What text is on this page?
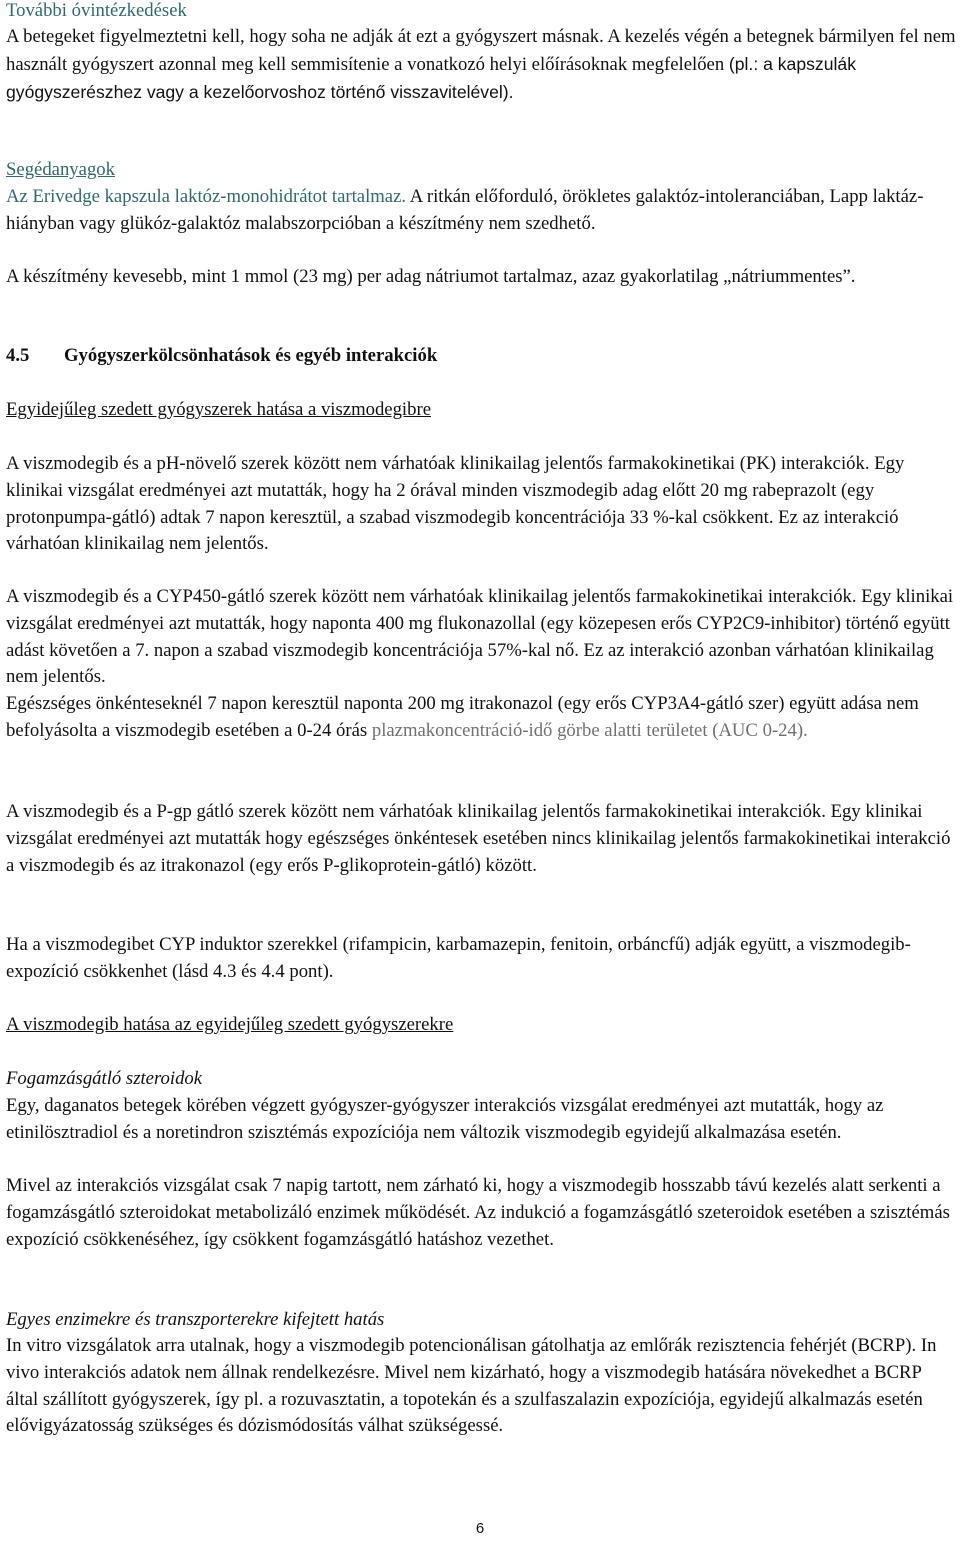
További óvintézkedések

A betegeket figyelmeztetni kell, hogy soha ne adják át ezt a gyógyszert másnak. A kezelés végén a betegnek bármilyen fel nem használt gyógyszert azonnal meg kell semmisítenie a vonatkozó helyi előírásoknak megfelelően (pl.: a kapszulák gyógyszerészhez vagy a kezelőorvoshoz történő visszavitelével).

Segédanyagok

Az Erivedge kapszula laktóz-monohidrátot tartalmaz. A ritkán előforduló, örökletes galaktóz-intoleranciában, Lapp laktáz-hiányban vagy glükóz-galaktóz malabszorpcióban a készítmény nem szedhető.

A készítmény kevesebb, mint 1 mmol (23 mg) per adag nátriumot tartalmaz, azaz gyakorlatilag „nátriummentes”.

4.5 Gyógyszerkölcsönhatások és egyéb interakciók

Egyidejűleg szedett gyógyszerek hatása a viszmodegibre

A viszmodegib és a pH-növelő szerek között nem várhatóak klinikailag jelentős farmakokinetikai (PK) interakciók. Egy klinikai vizsgálat eredményei azt mutatták, hogy ha 2 órával minden viszmodegib adag előtt 20 mg rabeprazolt (egy protonpumpa-gátló) adtak 7 napon keresztül, a szabad viszmodegib koncentrációja 33 %-kal csökkent. Ez az interakció várhatóan klinikailag nem jelentős.

A viszmodegib és a CYP450-gátló szerek között nem várhatóak klinikailag jelentős farmakokinetikai interakciók. Egy klinikai vizsgálat eredményei azt mutatták, hogy naponta 400 mg flukonazollal (egy közepesen erős CYP2C9-inhibitor) történő együtt adást követően a 7. napon a szabad viszmodegib koncentrációja 57%-kal nő. Ez az interakció azonban várhatóan klinikailag nem jelentős.

Egészséges önkénteseknél 7 napon keresztül naponta 200 mg itrakonazol (egy erős CYP3A4-gátló szer) együtt adása nem befolyásolta a viszmodegib esetében a 0-24 órás plazmakoncentráció-idő görbe alatti területet (AUC 0-24).

A viszmodegib és a P-gp gátló szerek között nem várhatóak klinikailag jelentős farmakokinetikai interakciók. Egy klinikai vizsgálat eredményei azt mutatták hogy egészséges önkéntesek esetében nincs klinikailag jelentős farmakokinetikai interakció a viszmodegib és az itrakonazol (egy erős P-glikoprotein-gátló) között.

Ha a viszmodegibet CYP induktor szerekkel (rifampicin, karbamazepin, fenitoin, orbáncfű) adják együtt, a viszmodegib-expozíció csökkenhet (lásd 4.3 és 4.4 pont).

A viszmodegib hatása az egyidejűleg szedett gyógyszerekre

Fogamzásgátló szteroidok

Egy, daganatos betegek körében végzett gyógyszer-gyógyszer interakciós vizsgálat eredményei azt mutatták, hogy az etinilösztradiol és a noretindron szisztémás expozíciója nem változik viszmodegib egyidejű alkalmazása esetén.

Mivel az interakciós vizsgálat csak 7 napig tartott, nem zárható ki, hogy a viszmodegib hosszabb távú kezelés alatt serkenti a fogamzásgátló szteroidokat metabolizáló enzimek működését. Az indukció a fogamzásgátló szeteroidok esetében a szisztémás expozíció csökkenéséhez, így csökkent fogamzásgátló hatáshoz vezethet.

Egyes enzimekre és transzporterekre kifejtett hatás

In vitro vizsgálatok arra utalnak, hogy a viszmodegib potencionálisan gátolhatja az emlőrák rezisztencia fehérjét (BCRP). In vivo interakciós adatok nem állnak rendelkezésre. Mivel nem kizárható, hogy a viszmodegib hatására növekedhet a BCRP által szállított gyógyszerek, így pl. a rozuvasztatin, a topotekán és a szulfaszalazin expozíciója, egyidejű alkalmazás esetén elővigyázatosság szükséges és dózismódosítás válhat szükségessé.

6
